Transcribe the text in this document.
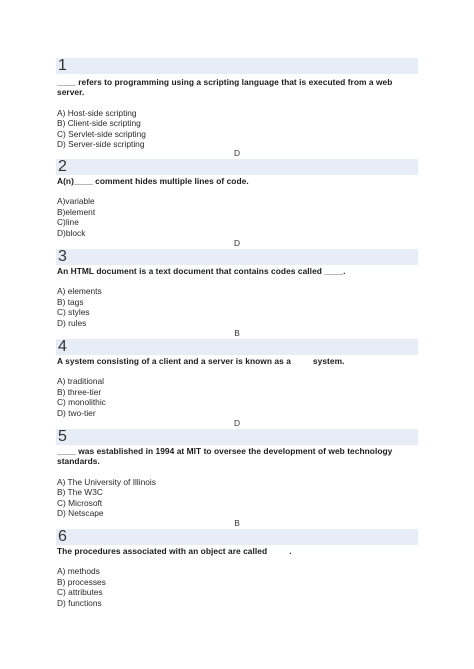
1
____ refers to programming using a scripting language that is executed from a web server.
A) Host-side scripting
B) Client-side scripting
C) Servlet-side scripting
D) Server-side scripting
D
2
A(n)____ comment hides multiple lines of code.
A)variable
B)element
C)line
D)block
D
3
An HTML document is a text document that contains codes called ____.
A) elements
B) tags
C) styles
D) rules
B
4
A system consisting of a client and a server is known as a	system.
A) traditional
B) three-tier
C) monolithic
D) two-tier
D
5
____ was established in 1994 at MIT to oversee the development of web technology standards.
A) The University of Illinois
B) The W3C
C) Microsoft
D) Netscape
B
6
The procedures associated with an object are called	.
A) methods
B) processes
C) attributes
D) functions
